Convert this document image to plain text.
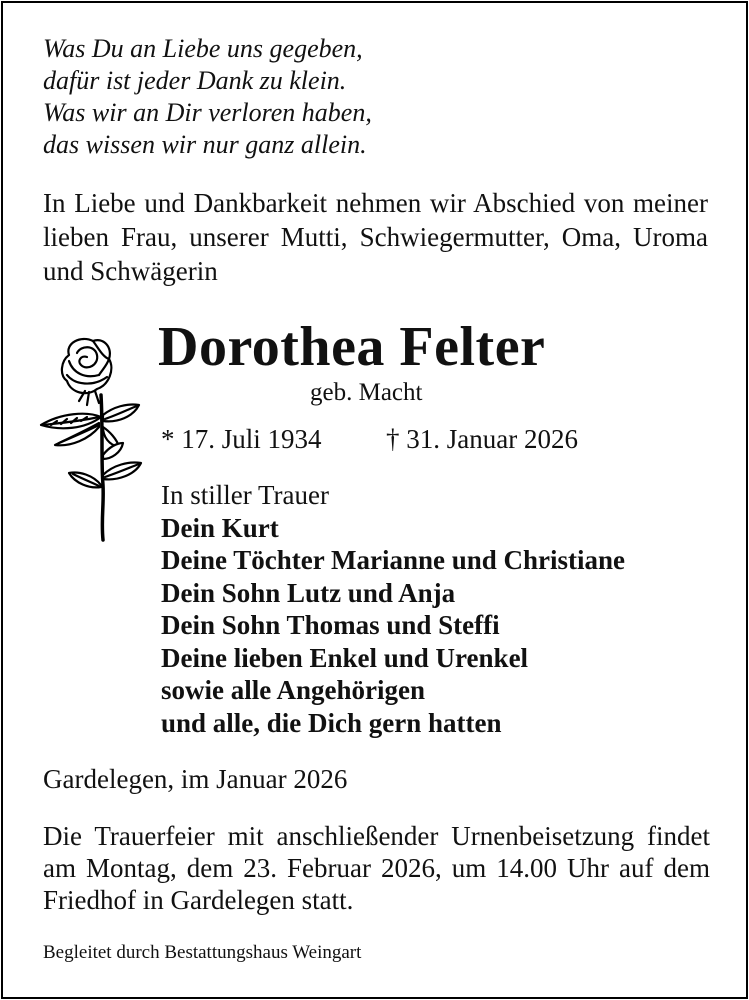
Was Du an Liebe uns gegeben,
dafür ist jeder Dank zu klein.
Was wir an Dir verloren haben,
das wissen wir nur ganz allein.
In Liebe und Dankbarkeit nehmen wir Abschied von meiner lieben Frau, unserer Mutti, Schwiegermutter, Oma, Uroma und Schwägerin
Dorothea Felter
geb. Macht
* 17. Juli 1934 † 31. Januar 2026
In stiller Trauer
Dein Kurt
Deine Töchter Marianne und Christiane
Dein Sohn Lutz und Anja
Dein Sohn Thomas und Steffi
Deine lieben Enkel und Urenkel
sowie alle Angehörigen
und alle, die Dich gern hatten
Gardelegen, im Januar 2026
Die Trauerfeier mit anschließender Urnenbeisetzung findet am Montag, dem 23. Februar 2026, um 14.00 Uhr auf dem Friedhof in Gardelegen statt.
Begleitet durch Bestattungshaus Weingart
